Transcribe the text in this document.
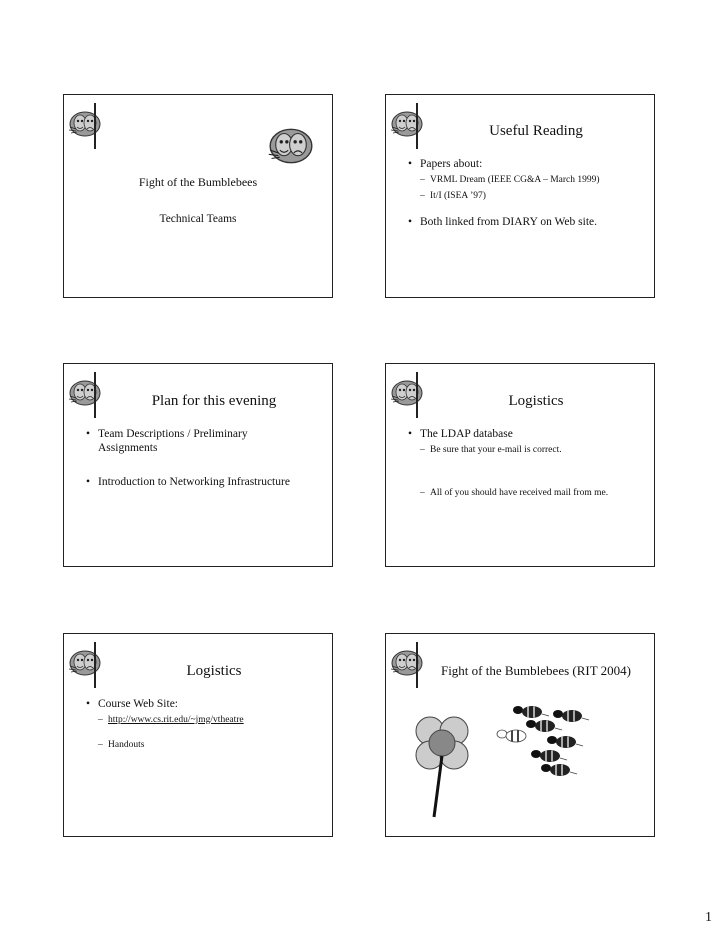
Fight of the Bumblebees
Technical Teams
Useful Reading
• Papers about:
– VRML Dream (IEEE CG&A – March 1999)
– It/I (ISEA ’97)
• Both linked from DIARY on Web site.
Plan for this evening
• Team Descriptions / Preliminary Assignments
• Introduction to Networking Infrastructure
Logistics
• The LDAP database
– Be sure that your e-mail is correct.
– All of you should have received mail from me.
Logistics
• Course Web Site:
– http://www.cs.rit.edu/~jmg/vtheatre
– Handouts
Fight of the Bumblebees (RIT 2004)
1
